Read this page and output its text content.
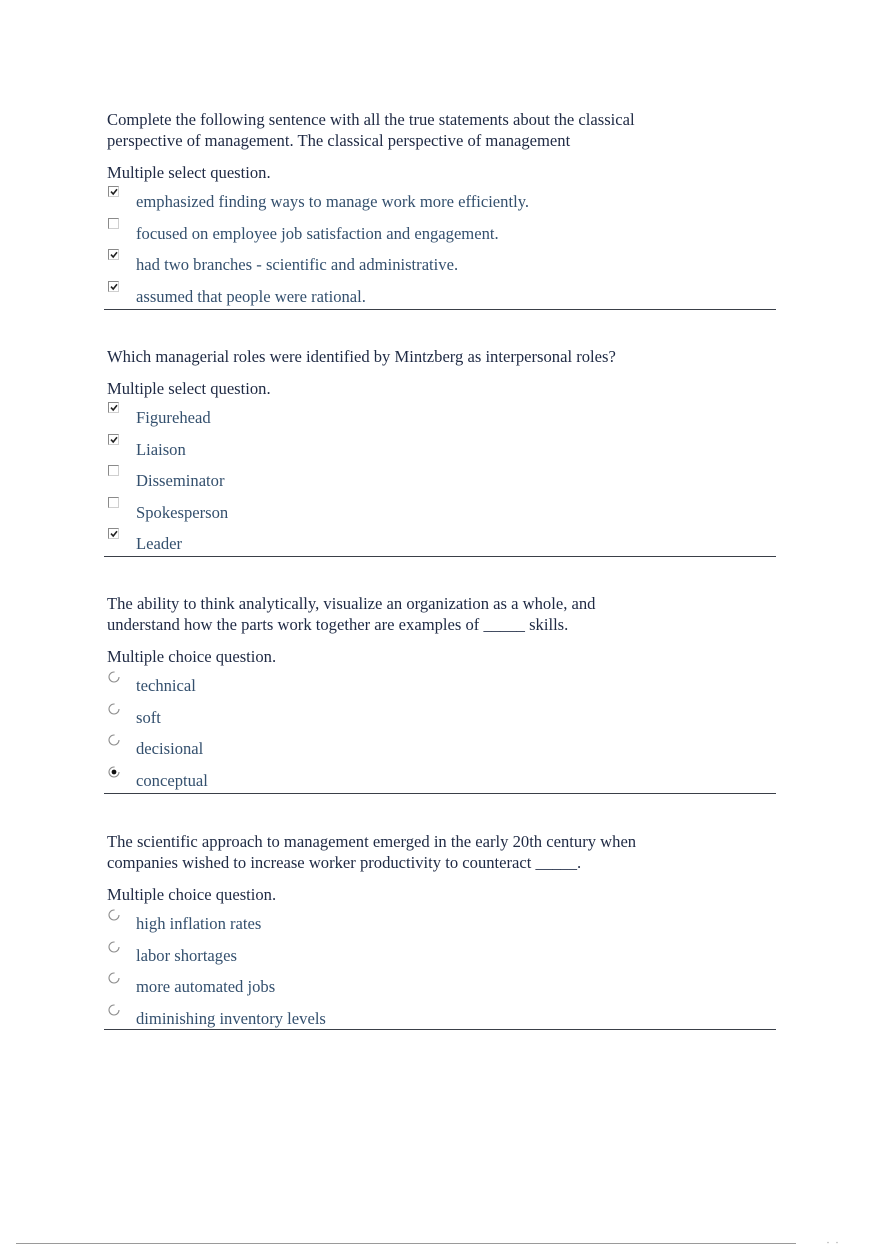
Complete the following sentence with all the true statements about the classical
perspective of management. The classical perspective of management

Multiple select question.
emphasized finding ways to manage work more efficiently.
focused on employee job satisfaction and engagement.
had two branches - scientific and administrative.
assumed that people were rational.

Which managerial roles were identified by Mintzberg as interpersonal roles?

Multiple select question.
Figurehead
Liaison
Disseminator
Spokesperson
Leader

The ability to think analytically, visualize an organization as a whole, and
understand how the parts work together are examples of _____ skills.

Multiple choice question.
technical
soft
decisional
conceptual

The scientific approach to management emerged in the early 20th century when
companies wished to increase worker productivity to counteract _____.

Multiple choice question.
high inflation rates
labor shortages
more automated jobs
diminishing inventory levels
